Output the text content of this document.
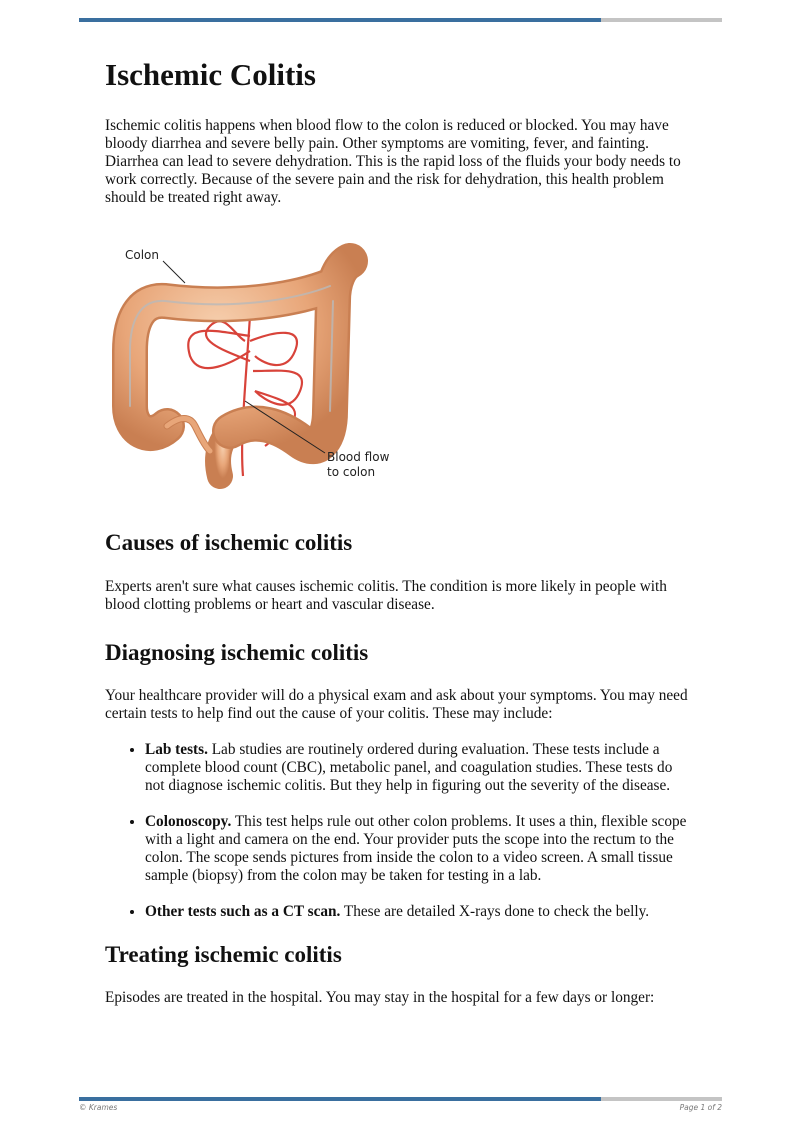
Ischemic Colitis

Ischemic colitis happens when blood flow to the colon is reduced or blocked. You may have bloody diarrhea and severe belly pain. Other symptoms are vomiting, fever, and fainting. Diarrhea can lead to severe dehydration. This is the rapid loss of the fluids your body needs to work correctly. Because of the severe pain and the risk for dehydration, this health problem should be treated right away.

Colon
Blood flow
to colon
Causes of ischemic colitis

Experts aren't sure what causes ischemic colitis. The condition is more likely in people with blood clotting problems or heart and vascular disease.

Diagnosing ischemic colitis

Your healthcare provider will do a physical exam and ask about your symptoms. You may need certain tests to help find out the cause of your colitis. These may include:

• Lab tests. Lab studies are routinely ordered during evaluation. These tests include a complete blood count (CBC), metabolic panel, and coagulation studies. These tests do not diagnose ischemic colitis. But they help in figuring out the severity of the disease.
• Colonoscopy. This test helps rule out other colon problems. It uses a thin, flexible scope with a light and camera on the end. Your provider puts the scope into the rectum to the colon. The scope sends pictures from inside the colon to a video screen. A small tissue sample (biopsy) from the colon may be taken for testing in a lab.
• Other tests such as a CT scan. These are detailed X-rays done to check the belly.
Treating ischemic colitis

Episodes are treated in the hospital. You may stay in the hospital for a few days or longer:

© Krames	Page 1 of 2
